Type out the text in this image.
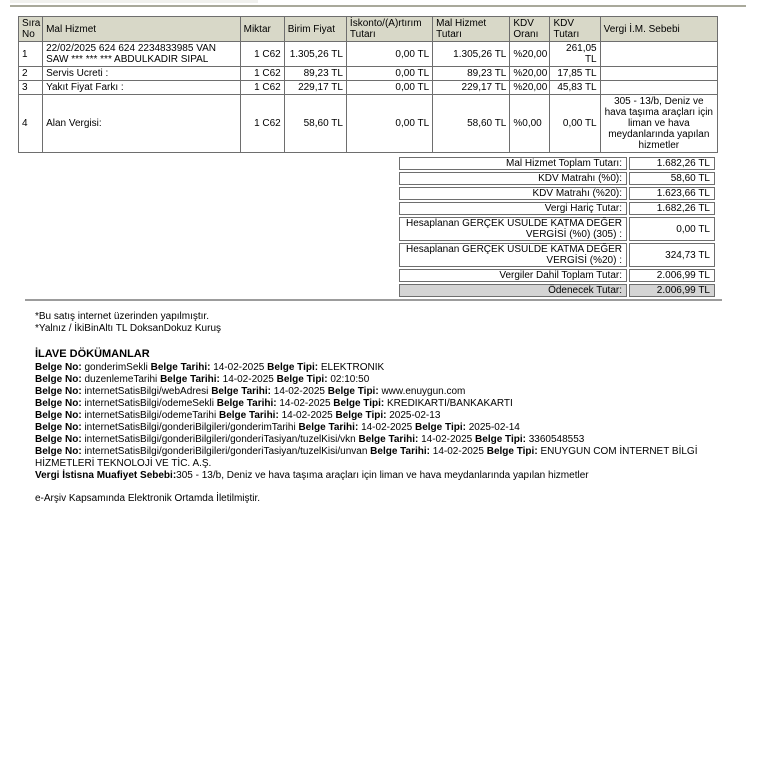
Sıra No	Mal Hizmet	Miktar	Birim Fiyat	İskonto/(A)rtırım Tutarı	Mal Hizmet Tutarı	KDV Oranı	KDV Tutarı	Vergi İ.M. Sebebi
1	22/02/2025 624 624 2234833985 VAN SAW *** *** *** ABDULKADIR SIPAL	1 C62	1.305,26 TL	0,00 TL	1.305,26 TL	%20,00	261,05 TL	
2	Servis Ucreti :	1 C62	89,23 TL	0,00 TL	89,23 TL	%20,00	17,85 TL	
3	Yakıt Fiyat Farkı :	1 C62	229,17 TL	0,00 TL	229,17 TL	%20,00	45,83 TL	
4	Alan Vergisi:	1 C62	58,60 TL	0,00 TL	58,60 TL	%0,00	0,00 TL	305 - 13/b, Deniz ve hava taşıma araçları için liman ve hava meydanlarında yapılan hizmetler
Mal Hizmet Toplam Tutarı:	1.682,26 TL
KDV Matrahı (%0):	58,60 TL
KDV Matrahı (%20):	1.623,66 TL
Vergi Hariç Tutar:	1.682,26 TL
Hesaplanan GERÇEK USULDE KATMA DEĞER VERGİSİ (%0) (305) :	0,00 TL
Hesaplanan GERÇEK USULDE KATMA DEĞER VERGİSİ (%20) :	324,73 TL
Vergiler Dahil Toplam Tutar:	2.006,99 TL
Ödenecek Tutar:	2.006,99 TL
*Bu satış internet üzerinden yapılmıştır.
*Yalnız / İkiBinAltı TL DoksanDokuz Kuruş

İLAVE DÖKÜMANLAR

Belge No: gonderimSekli Belge Tarihi: 14-02-2025 Belge Tipi: ELEKTRONIK

Belge No: duzenlemeTarihi Belge Tarihi: 14-02-2025 Belge Tipi: 02:10:50

Belge No: internetSatisBilgi/webAdresi Belge Tarihi: 14-02-2025 Belge Tipi: www.enuygun.com

Belge No: internetSatisBilgi/odemeSekli Belge Tarihi: 14-02-2025 Belge Tipi: KREDIKARTI/BANKAKARTI

Belge No: internetSatisBilgi/odemeTarihi Belge Tarihi: 14-02-2025 Belge Tipi: 2025-02-13

Belge No: internetSatisBilgi/gonderiBilgileri/gonderimTarihi Belge Tarihi: 14-02-2025 Belge Tipi: 2025-02-14

Belge No: internetSatisBilgi/gonderiBilgileri/gonderiTasiyan/tuzelKisi/vkn Belge Tarihi: 14-02-2025 Belge Tipi: 3360548553

Belge No: internetSatisBilgi/gonderiBilgileri/gonderiTasiyan/tuzelKisi/unvan Belge Tarihi: 14-02-2025 Belge Tipi: ENUYGUN COM İNTERNET BİLGİ HİZMETLERİ TEKNOLOJİ VE TİC. A.Ş.

Vergi İstisna Muafiyet Sebebi:305 - 13/b, Deniz ve hava taşıma araçları için liman ve hava meydanlarında yapılan hizmetler

e-Arşiv Kapsamında Elektronik Ortamda İletilmiştir.
